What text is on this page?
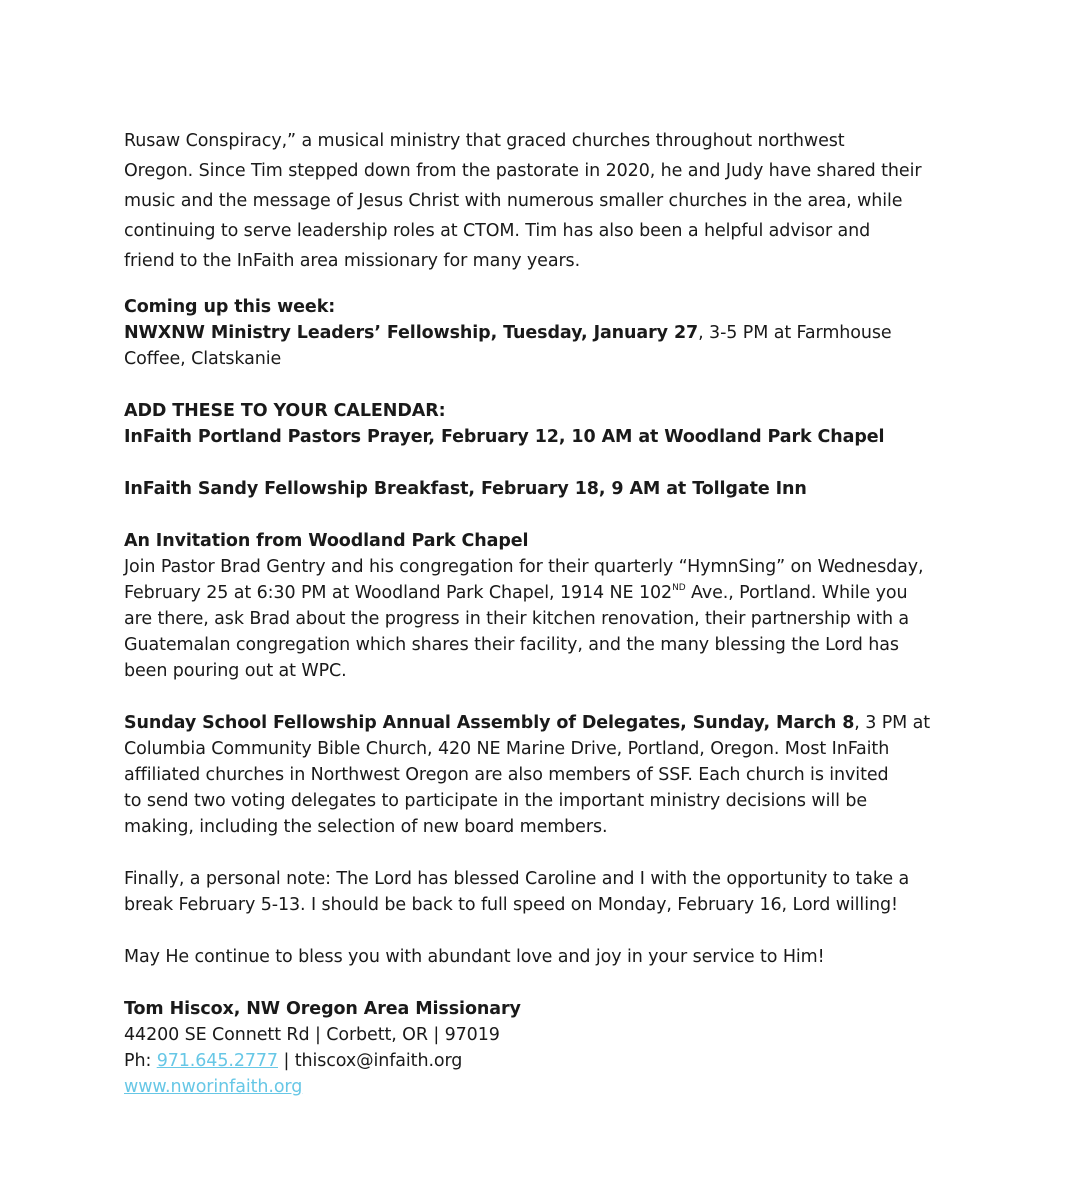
Rusaw Conspiracy,” a musical ministry that graced churches throughout northwest

Oregon. Since Tim stepped down from the pastorate in 2020, he and Judy have shared their

music and the message of Jesus Christ with numerous smaller churches in the area, while

continuing to serve leadership roles at CTOM. Tim has also been a helpful advisor and

friend to the InFaith area missionary for many years.

Coming up this week:
NWXNW Ministry Leaders’ Fellowship, Tuesday, January 27, 3-5 PM at Farmhouse
Coffee, Clatskanie
ADD THESE TO YOUR CALENDAR:
InFaith Portland Pastors Prayer, February 12, 10 AM at Woodland Park Chapel
InFaith Sandy Fellowship Breakfast, February 18, 9 AM at Tollgate Inn
An Invitation from Woodland Park Chapel
Join Pastor Brad Gentry and his congregation for their quarterly “HymnSing” on Wednesday,
February 25 at 6:30 PM at Woodland Park Chapel, 1914 NE 102ND Ave., Portland. While you
are there, ask Brad about the progress in their kitchen renovation, their partnership with a
Guatemalan congregation which shares their facility, and the many blessing the Lord has
been pouring out at WPC.
Sunday School Fellowship Annual Assembly of Delegates, Sunday, March 8, 3 PM at
Columbia Community Bible Church, 420 NE Marine Drive, Portland, Oregon. Most InFaith
affiliated churches in Northwest Oregon are also members of SSF. Each church is invited
to send two voting delegates to participate in the important ministry decisions will be
making, including the selection of new board members.
Finally, a personal note: The Lord has blessed Caroline and I with the opportunity to take a
break February 5-13. I should be back to full speed on Monday, February 16, Lord willing!
May He continue to bless you with abundant love and joy in your service to Him!
Tom Hiscox, NW Oregon Area Missionary
44200 SE Connett Rd | Corbett, OR | 97019
Ph: 971.645.2777 | thiscox@infaith.org
www.nworinfaith.org
